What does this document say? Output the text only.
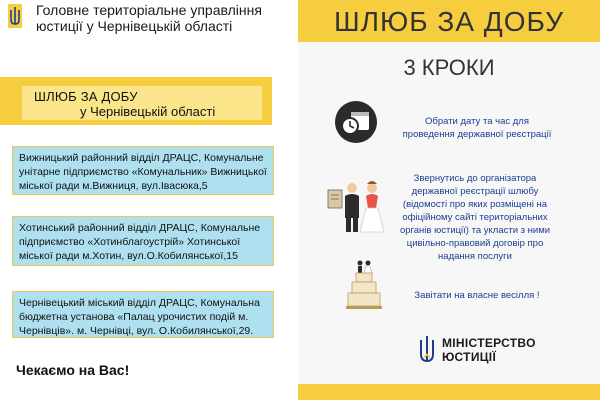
Головне територіальне управління
юстиції у Чернівецькій області
ШЛЮБ ЗА ДОБУ
у Чернівецькій області
Вижницький районний відділ ДРАЦС, Комунальне унітарне підприємство «Комунальник» Вижницької міської ради м.Вижниця, вул.Івасюка,5
Хотинський районний відділ ДРАЦС, Комунальне підприємство «Хотинблагоустрій» Хотинської міської ради м.Хотин, вул.О.Кобилянської,15
Чернівецький міський відділ ДРАЦС, Комунальна бюджетна установа «Палац урочистих подій м. Чернівців». м. Чернівці, вул. О.Кобилянської,29.
Чекаємо на Вас!
ШЛЮБ ЗА ДОБУ
3 КРОКИ
Обрати дату та час для проведення державної реєстрації
Звернутись до організатора державної реєстрації шлюбу (відомості про яких розміщені на офіційному сайті територіальних органів юстиції) та укласти з ними цивільно-правовий договір про надання послуги
Завітати на власне весілля !
МІНІСТЕРСТВО
ЮСТИЦІЇ
